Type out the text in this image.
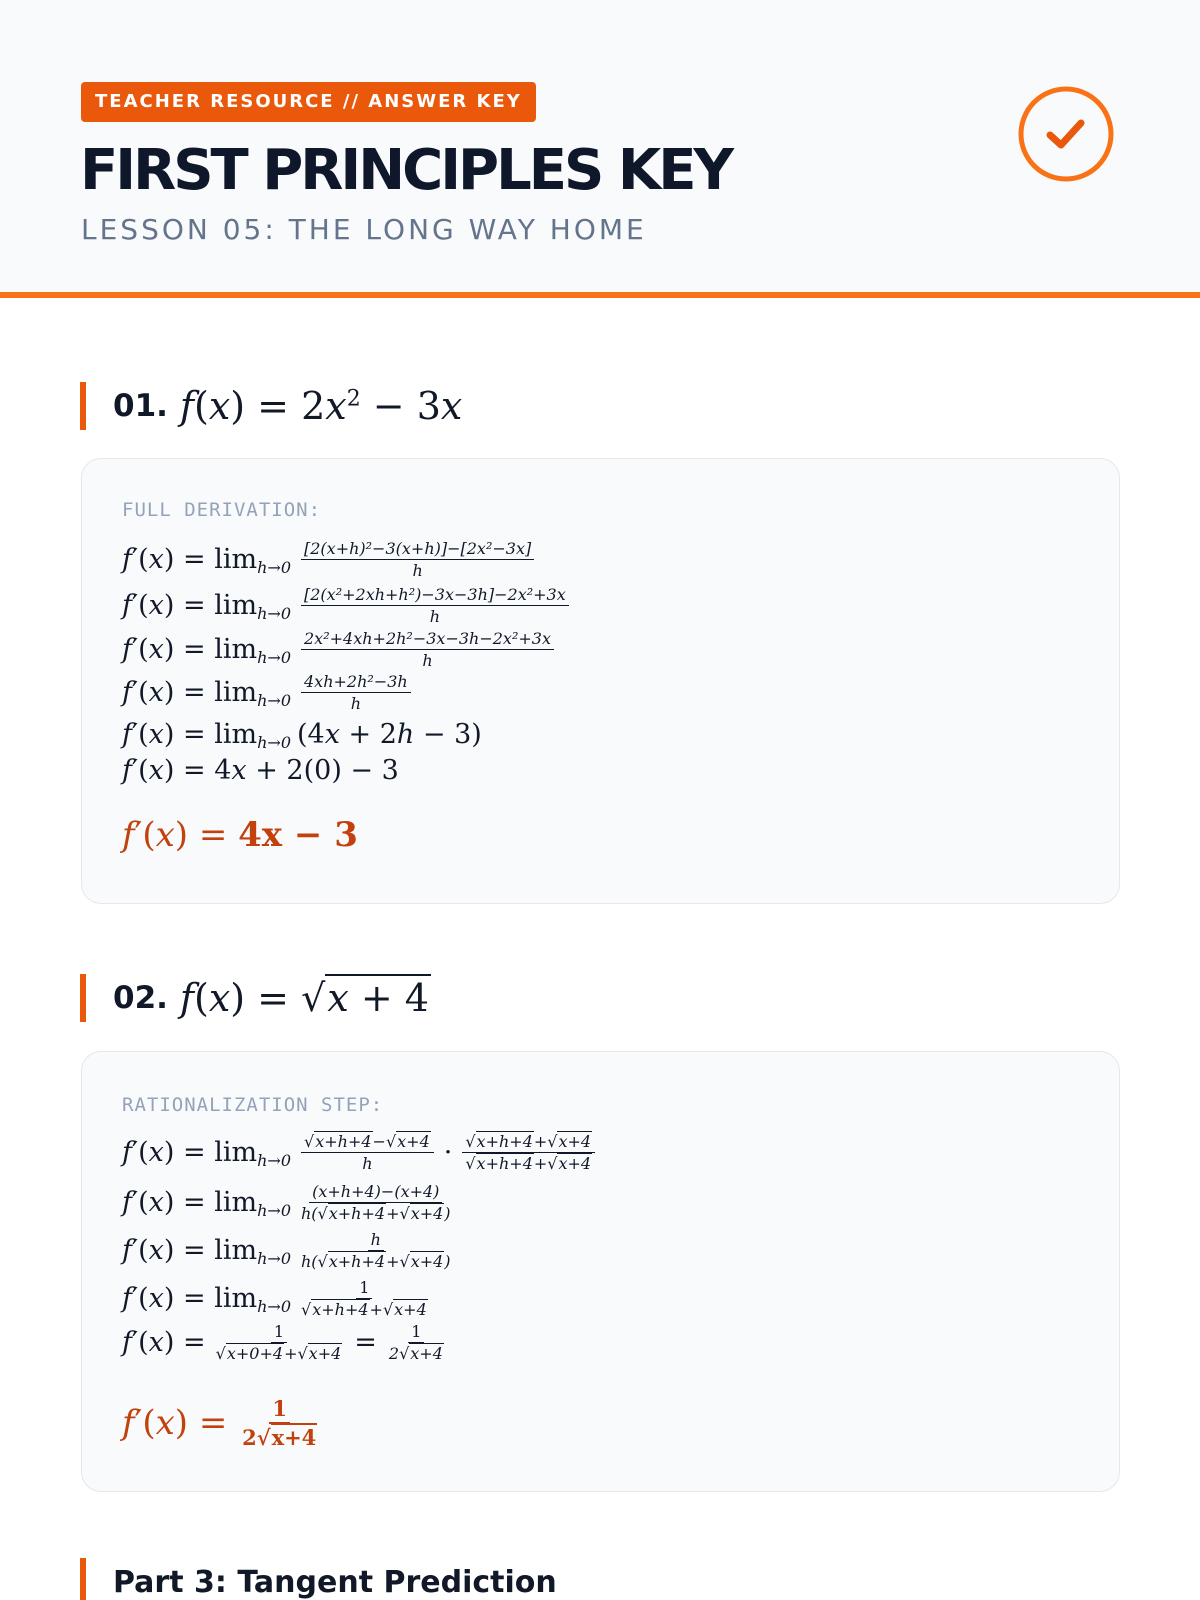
TEACHER RESOURCE // ANSWER KEY
FIRST PRINCIPLES KEY
LESSON 05: THE LONG WAY HOME
01. $f(x) = 2x^2 - 3x$
FULL DERIVATION:
$f'(x) = \lim h\to 0 \frac{\text{[2(x+h)²−3(x+h)]−[2x²−3x]}}{h}$
$f'(x) = \lim h\to 0 \frac{\text{[2(x²+2xh+h²)−3x−3h]−2x²+3x}}{h}$
$f'(x) = \lim h\to 0 \frac{\text{2x²+4xh+2h²−3x−3h−2x²+3x}}{h}$
$f'(x) = \lim h\to 0 \frac{\text{4xh+2h²−3h}}{h}$
f′(x) = lim h→0 (4x + 2h − 3)
f′(x) = 4x + 2(0) − 3
f′(x) = 4x − 3
02. f(x) = √x + 4
RATIONALIZATION STEP:
$f'(x) = \lim h\to 0 \frac{√x+h+4-√x+4}{h} \cdot \frac{√x+h+4+√x+4}{√x+h+4+√x+4}$
$f'(x) = \lim h\to 0 \frac{(x+h+4)-(x+4)}{h(√x+h+4+√x+4)}$
$f'(x) = \lim h\to 0 \frac{h}{h(√x+h+4+√x+4)}$
$f'(x) = \lim h\to 0 \frac{1}{√x+h+4+√x+4}$
$f'(x) = \frac{1}{√x+0+4+√x+4} = \frac{1}{2√x+4}$
$f'(x) = \frac{1}{2√x+4}$
Part 3: Tangent Prediction
